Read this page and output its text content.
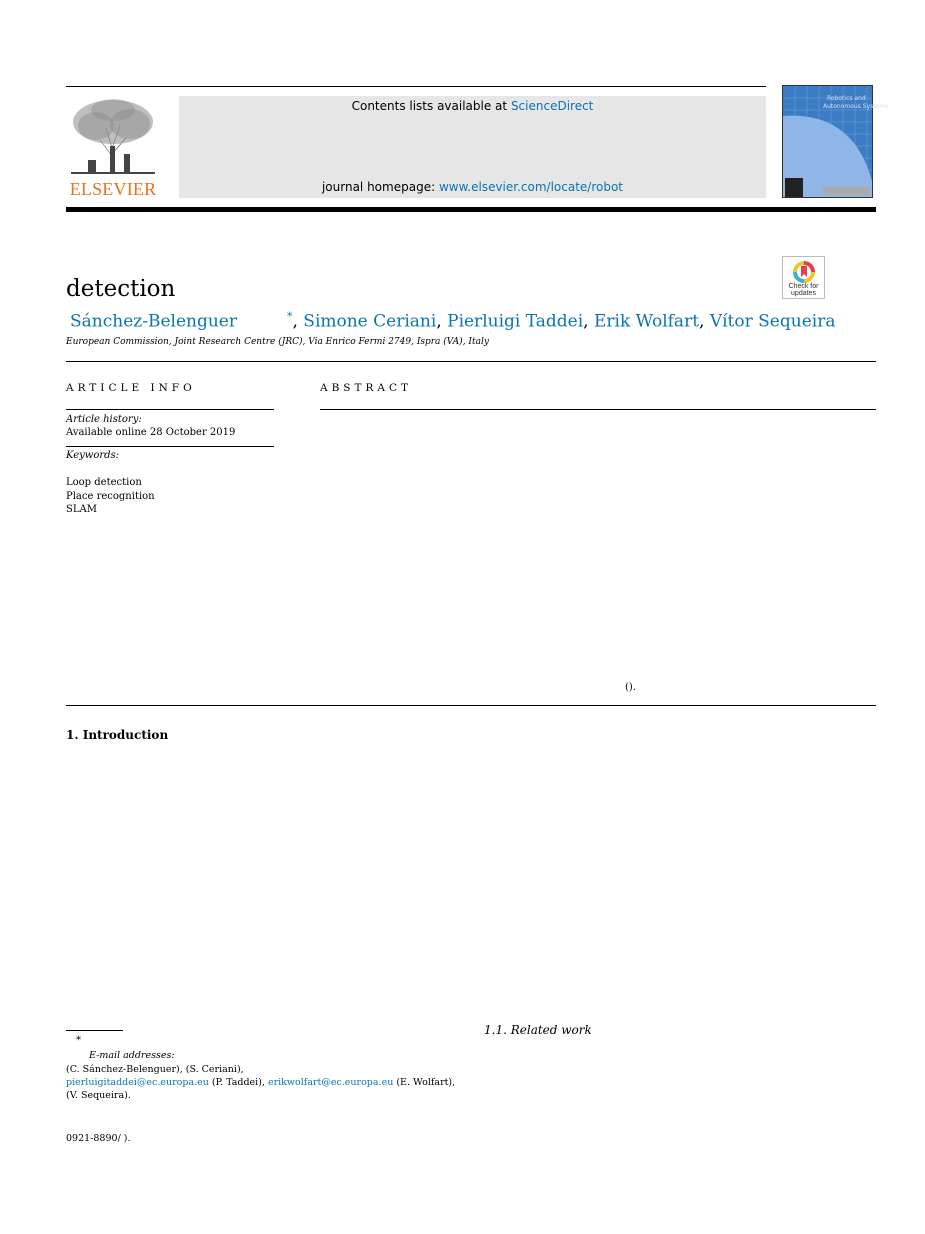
ELSEVIER
Contents lists available at ScienceDirect
journal homepage: www.elsevier.com/locate/robot
Robotics and
Autonomous Systems
detection	Check for
updates
Sánchez-Belenguer	*, Simone Ceriani, Pierluigi Taddei, Erik Wolfart, Vítor Sequeira
European Commission, Joint Research Centre (JRC), Via Enrico Fermi 2749, Ispra (VA), Italy
ARTICLE INFO
Article history:
Available online 28 October 2019
Keywords:
Loop detection
Place recognition
SLAM
ABSTRACT
().
1. Introduction
1.1. Related work
*
E-mail addresses:
(C. Sánchez-Belenguer), (S. Ceriani),
pierluigitaddei@ec.europa.eu (P. Taddei), erikwolfart@ec.europa.eu (E. Wolfart),
(V. Sequeira).
0921-8890/ ).
